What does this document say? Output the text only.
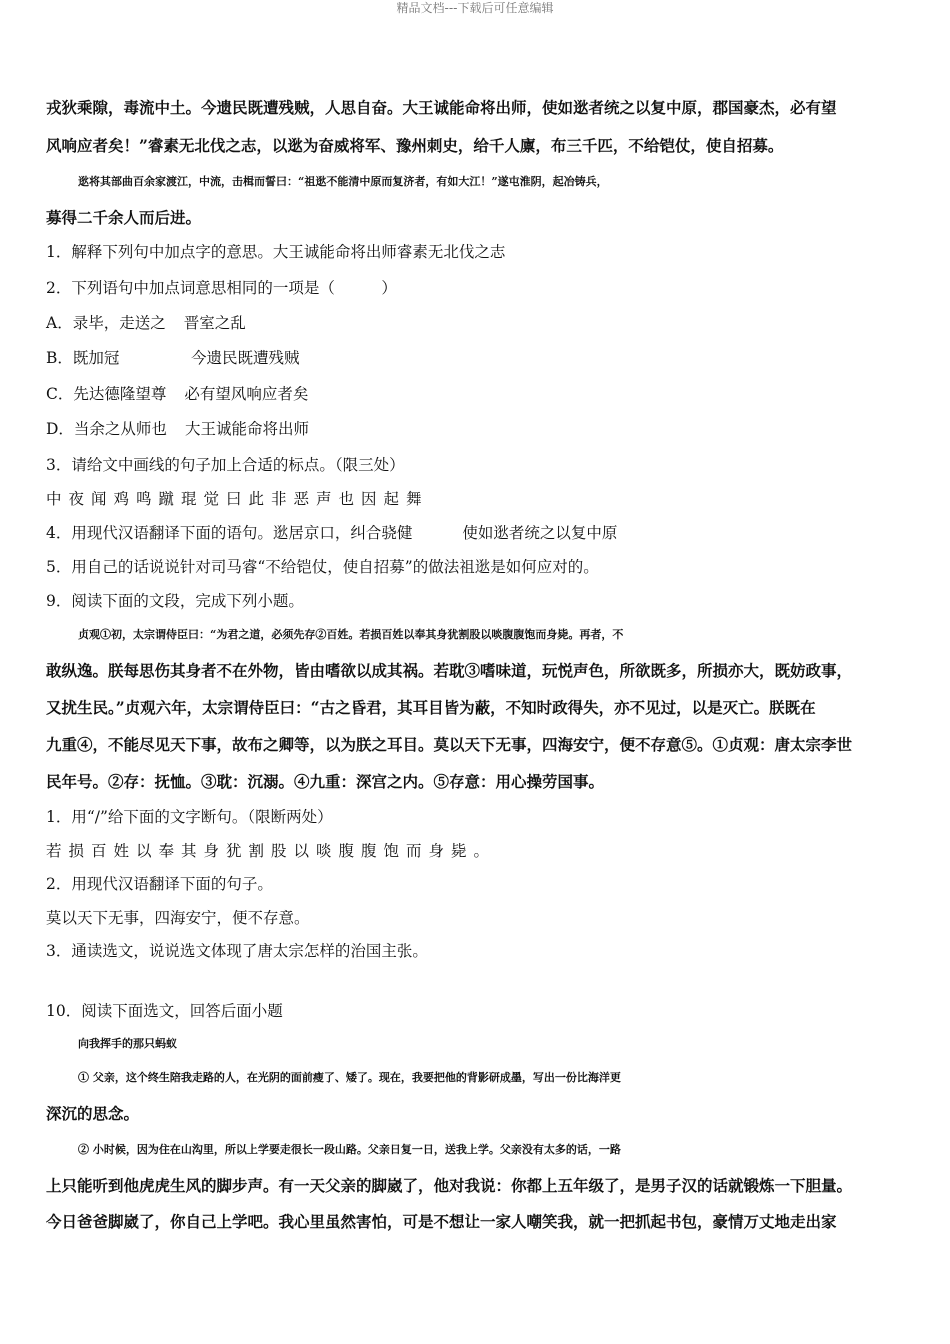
精品文档---下载后可任意编辑

戎狄乘隙，毒流中土。今遗民既遭残贼，人思自奋。大王诚能命将出师，使如逖者统之以复中原，郡国豪杰，必有望

风响应者矣！”睿素无北伐之志，以逖为奋威将军、豫州刺史，给千人廪，布三千匹，不给铠仗，使自招募。

逖将其部曲百余家渡江，中流，击楫而誓曰：“祖逖不能清中原而复济者，有如大江！”遂屯淮阴，起冶铸兵，

募得二千余人而后进。

1．解释下列句中加点字的意思。大王诚能命将出师睿素无北伐之志

2．下列语句中加点词意思相同的一项是（　　　）

A．录毕，走送之 晋室之乱

B．既加冠	今遗民既遭残贼

C．先达德隆望尊 必有望风响应者矣

D．当余之从师也 大王诚能命将出师

3．请给文中画线的句子加上合适的标点。（限三处）

中夜闻鸡鸣蹴琨觉曰此非恶声也因起舞

4．用现代汉语翻译下面的语句。逖居京口，纠合骁健	使如逖者统之以复中原

5．用自己的话说说针对司马睿“不给铠仗，使自招募”的做法祖逖是如何应对的。

9．阅读下面的文段，完成下列小题。

贞观①初，太宗谓侍臣曰：“为君之道，必须先存②百姓。若损百姓以奉其身犹割股以啖腹腹饱而身毙。再者，不

敢纵逸。朕每思伤其身者不在外物，皆由嗜欲以成其祸。若耽③嗜味道，玩悦声色，所欲既多，所损亦大，既妨政事，

又扰生民。”贞观六年，太宗谓侍臣曰：“古之昏君，其耳目皆为蔽，不知时政得失，亦不见过，以是灭亡。朕既在

九重④，不能尽见天下事，故布之卿等，以为朕之耳目。莫以天下无事，四海安宁，便不存意⑤。①贞观：唐太宗李世

民年号。②存：抚恤。③耽：沉溺。④九重：深宫之内。⑤存意：用心操劳国事。

1．用“/”给下面的文字断句。（限断两处）

若损百姓以奉其身犹割股以啖腹腹饱而身毙。

2．用现代汉语翻译下面的句子。

莫以天下无事，四海安宁，便不存意。

3．通读选文，说说选文体现了唐太宗怎样的治国主张。

10．阅读下面选文，回答后面小题

向我挥手的那只蚂蚁

① 父亲，这个终生陪我走路的人，在光阴的面前瘦了、矮了。现在，我要把他的背影研成墨，写出一份比海洋更

深沉的思念。

② 小时候，因为住在山沟里，所以上学要走很长一段山路。父亲日复一日，送我上学。父亲没有太多的话，一路

上只能听到他虎虎生风的脚步声。有一天父亲的脚崴了，他对我说：你都上五年级了，是男子汉的话就锻炼一下胆量。

今日爸爸脚崴了，你自己上学吧。我心里虽然害怕，可是不想让一家人嘲笑我，就一把抓起书包，豪情万丈地走出家
